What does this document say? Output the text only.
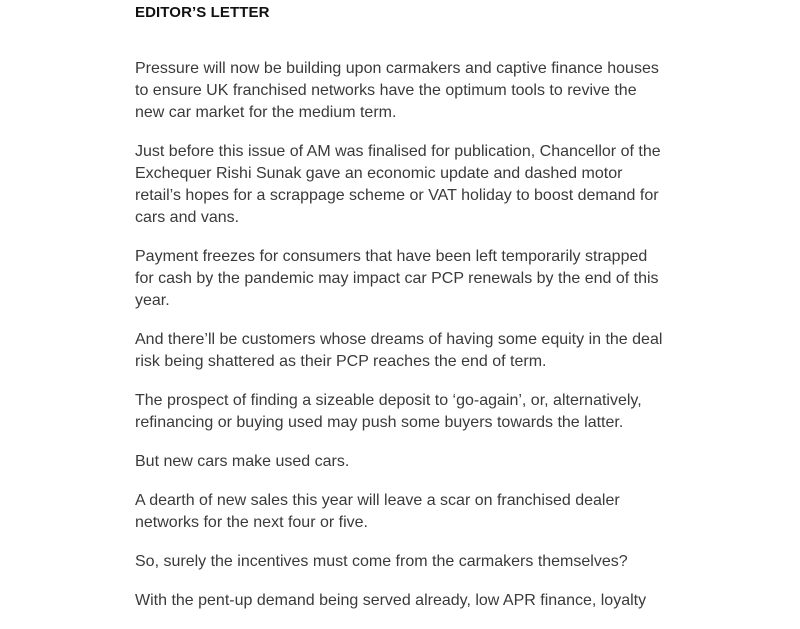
EDITOR’S LETTER

Pressure will now be building upon carmakers and captive finance houses to ensure UK franchised networks have the optimum tools to revive the new car market for the medium term.

Just before this issue of AM was finalised for publication, Chancellor of the Exchequer Rishi Sunak gave an economic update and dashed motor retail’s hopes for a scrappage scheme or VAT holiday to boost demand for cars and vans.

Payment freezes for consumers that have been left temporarily strapped for cash by the pandemic may impact car PCP renewals by the end of this year.

And there’ll be customers whose dreams of having some equity in the deal risk being shattered as their PCP reaches the end of term.

The prospect of finding a sizeable deposit to ‘go-again’, or, alternatively, refinancing or buying used may push some buyers towards the latter.

But new cars make used cars.

A dearth of new sales this year will leave a scar on franchised dealer networks for the next four or five.

So, surely the incentives must come from the carmakers themselves?

With the pent-up demand being served already, low APR finance, loyalty
